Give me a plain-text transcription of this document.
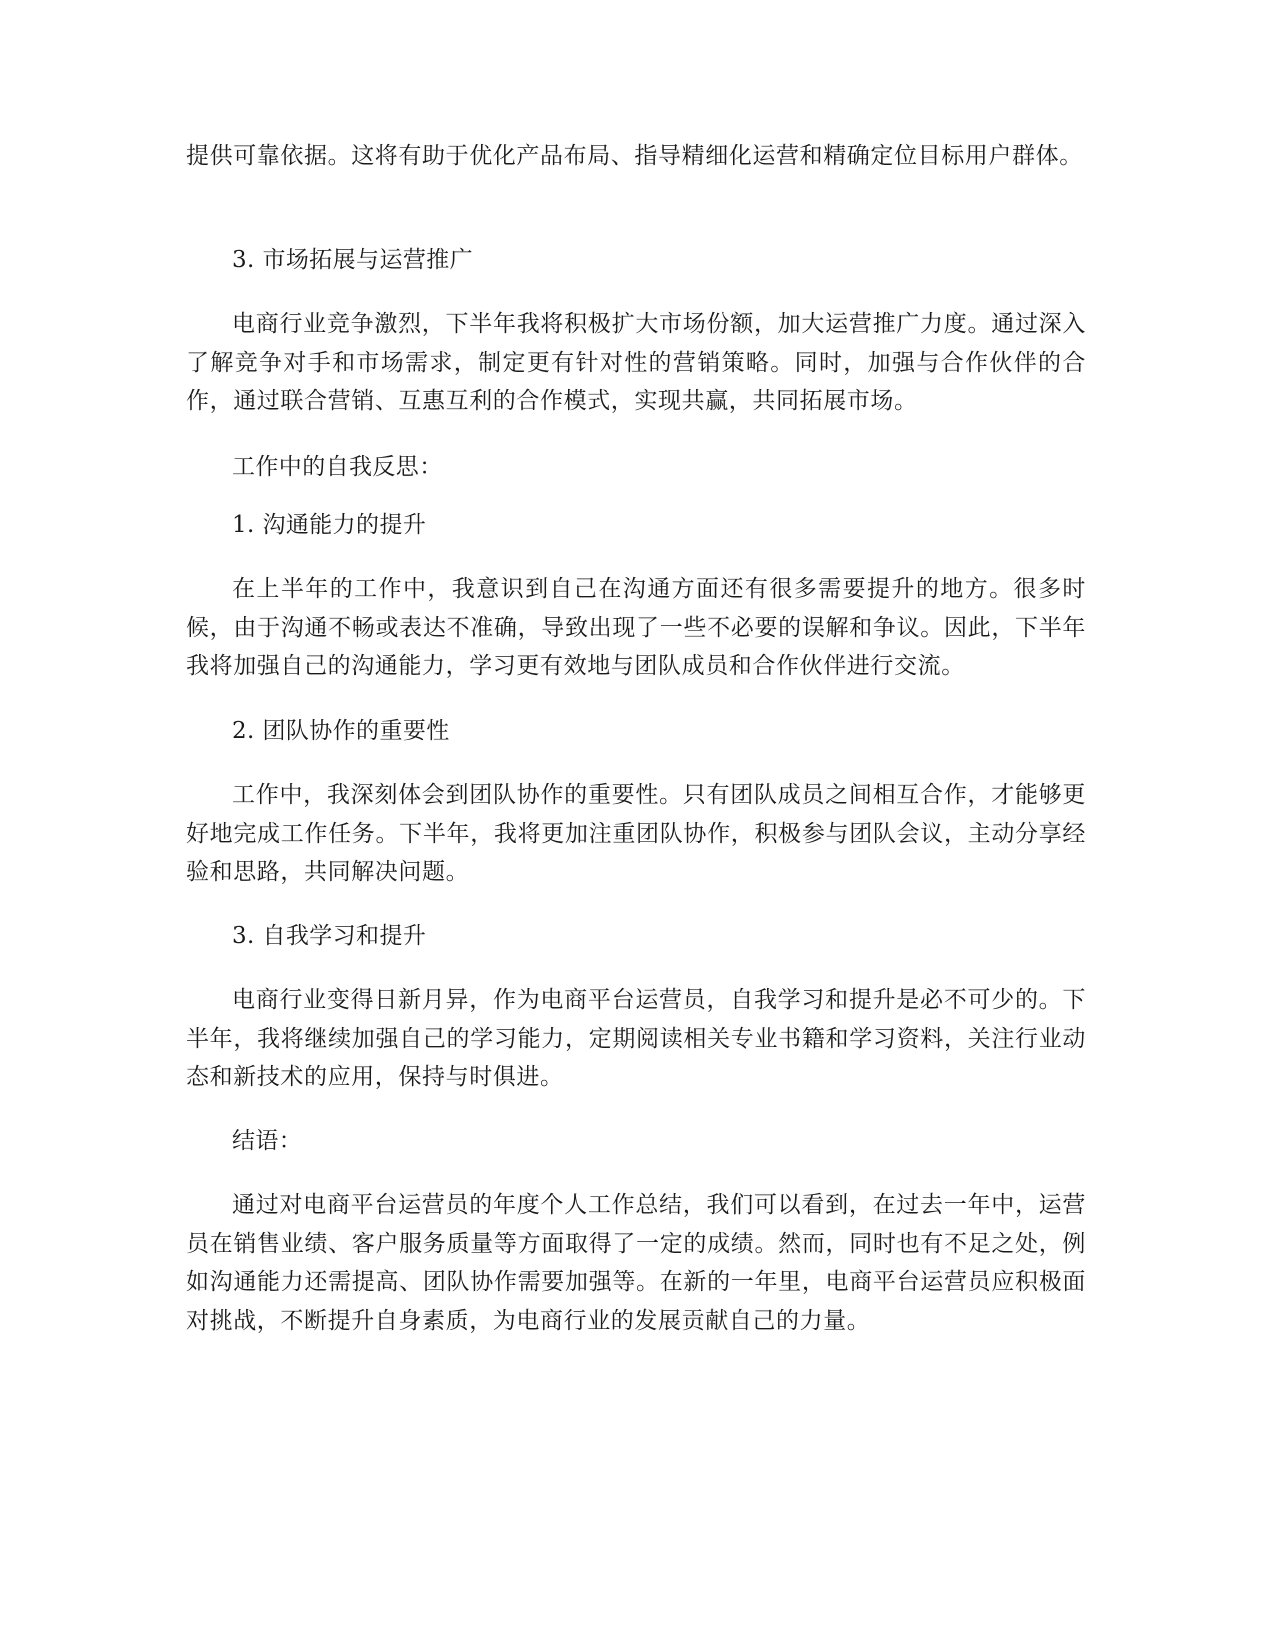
提供可靠依据。这将有助于优化产品布局、指导精细化运营和精确定位目标用户群体。

3. 市场拓展与运营推广

电商行业竞争激烈，下半年我将积极扩大市场份额，加大运营推广力度。通过深入了解竞争对手和市场需求，制定更有针对性的营销策略。同时，加强与合作伙伴的合作，通过联合营销、互惠互利的合作模式，实现共赢，共同拓展市场。

工作中的自我反思：

1. 沟通能力的提升

在上半年的工作中，我意识到自己在沟通方面还有很多需要提升的地方。很多时候，由于沟通不畅或表达不准确，导致出现了一些不必要的误解和争议。因此，下半年我将加强自己的沟通能力，学习更有效地与团队成员和合作伙伴进行交流。

2. 团队协作的重要性

工作中，我深刻体会到团队协作的重要性。只有团队成员之间相互合作，才能够更好地完成工作任务。下半年，我将更加注重团队协作，积极参与团队会议，主动分享经验和思路，共同解决问题。

3. 自我学习和提升

电商行业变得日新月异，作为电商平台运营员，自我学习和提升是必不可少的。下半年，我将继续加强自己的学习能力，定期阅读相关专业书籍和学习资料，关注行业动态和新技术的应用，保持与时俱进。

结语：

通过对电商平台运营员的年度个人工作总结，我们可以看到，在过去一年中，运营员在销售业绩、客户服务质量等方面取得了一定的成绩。然而，同时也有不足之处，例如沟通能力还需提高、团队协作需要加强等。在新的一年里，电商平台运营员应积极面对挑战，不断提升自身素质，为电商行业的发展贡献自己的力量。
